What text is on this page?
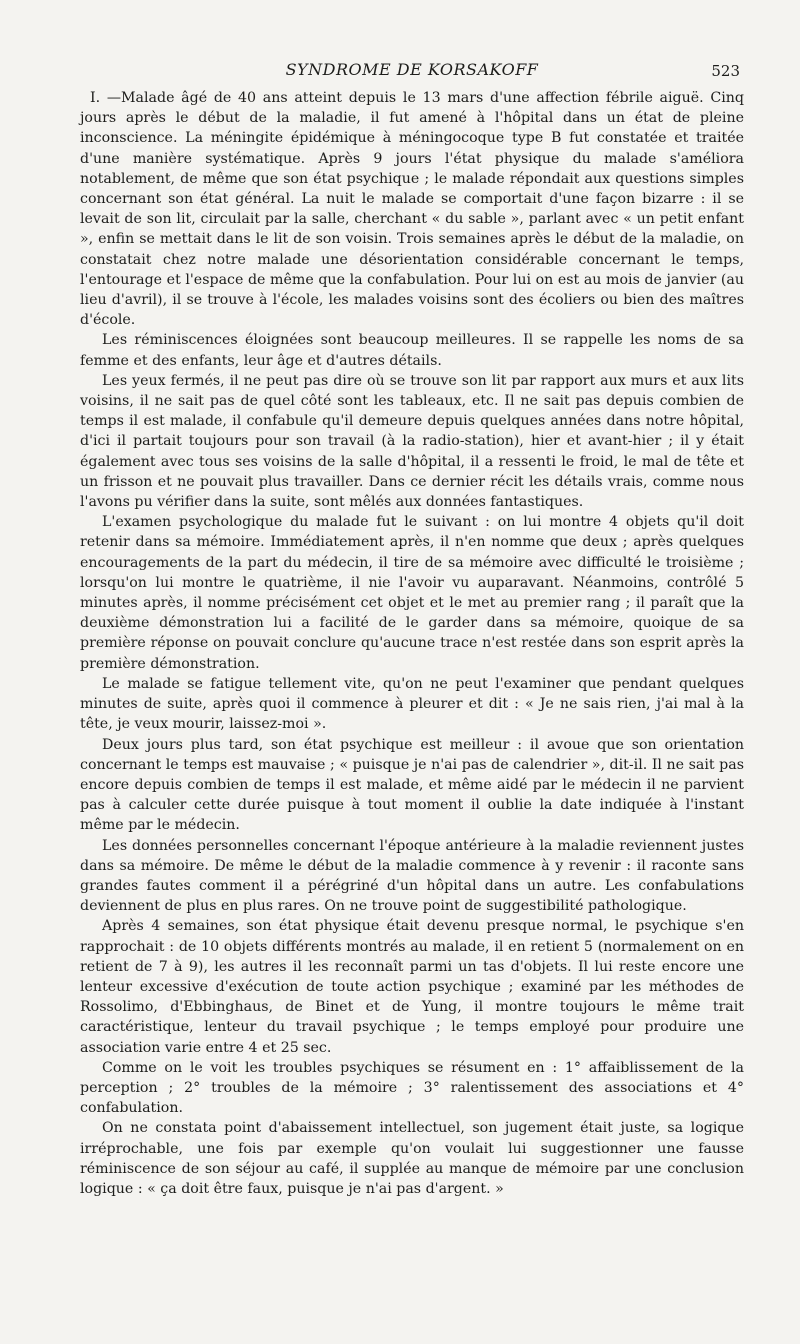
SYNDROME DE KORSAKOFF	523

I. —Malade âgé de 40 ans atteint depuis le 13 mars d'une affection fébrile aiguë. Cinq jours après le début de la maladie, il fut amené à l'hôpital dans un état de pleine inconscience. La méningite épidémique à méningocoque type B fut constatée et traitée d'une manière systématique. Après 9 jours l'état physique du malade s'améliora notablement, de même que son état psychique ; le malade répondait aux questions simples concernant son état général. La nuit le malade se comportait d'une façon bizarre : il se levait de son lit, circulait par la salle, cherchant « du sable », parlant avec « un petit enfant », enfin se mettait dans le lit de son voisin. Trois semaines après le début de la maladie, on constatait chez notre malade une désorientation considérable concernant le temps, l'entourage et l'espace de même que la confabulation. Pour lui on est au mois de janvier (au lieu d'avril), il se trouve à l'école, les malades voisins sont des écoliers ou bien des maîtres d'école.

Les réminiscences éloignées sont beaucoup meilleures. Il se rappelle les noms de sa femme et des enfants, leur âge et d'autres détails.

Les yeux fermés, il ne peut pas dire où se trouve son lit par rapport aux murs et aux lits voisins, il ne sait pas de quel côté sont les tableaux, etc. Il ne sait pas depuis combien de temps il est malade, il confabule qu'il demeure depuis quelques années dans notre hôpital, d'ici il partait toujours pour son travail (à la radio-station), hier et avant-hier ; il y était également avec tous ses voisins de la salle d'hôpital, il a ressenti le froid, le mal de tête et un frisson et ne pouvait plus travailler. Dans ce dernier récit les détails vrais, comme nous l'avons pu vérifier dans la suite, sont mêlés aux données fantastiques.

L'examen psychologique du malade fut le suivant : on lui montre 4 objets qu'il doit retenir dans sa mémoire. Immédiatement après, il n'en nomme que deux ; après quelques encouragements de la part du médecin, il tire de sa mémoire avec difficulté le troisième ; lorsqu'on lui montre le quatrième, il nie l'avoir vu auparavant. Néanmoins, contrôlé 5 minutes après, il nomme précisément cet objet et le met au premier rang ; il paraît que la deuxième démonstration lui a facilité de le garder dans sa mémoire, quoique de sa première réponse on pouvait conclure qu'aucune trace n'est restée dans son esprit après la première démonstration.

Le malade se fatigue tellement vite, qu'on ne peut l'examiner que pendant quelques minutes de suite, après quoi il commence à pleurer et dit : « Je ne sais rien, j'ai mal à la tête, je veux mourir, laissez-moi ».

Deux jours plus tard, son état psychique est meilleur : il avoue que son orientation concernant le temps est mauvaise ; « puisque je n'ai pas de calendrier », dit-il. Il ne sait pas encore depuis combien de temps il est malade, et même aidé par le médecin il ne parvient pas à calculer cette durée puisque à tout moment il oublie la date indiquée à l'instant même par le médecin.

Les données personnelles concernant l'époque antérieure à la maladie reviennent justes dans sa mémoire. De même le début de la maladie commence à y revenir : il raconte sans grandes fautes comment il a pérégriné d'un hôpital dans un autre. Les confabulations deviennent de plus en plus rares. On ne trouve point de suggestibilité pathologique.

Après 4 semaines, son état physique était devenu presque normal, le psychique s'en rapprochait : de 10 objets différents montrés au malade, il en retient 5 (normalement on en retient de 7 à 9), les autres il les reconnaît parmi un tas d'objets. Il lui reste encore une lenteur excessive d'exécution de toute action psychique ; examiné par les méthodes de Rossolimo, d'Ebbinghaus, de Binet et de Yung, il montre toujours le même trait caractéristique, lenteur du travail psychique ; le temps employé pour produire une association varie entre 4 et 25 sec.

Comme on le voit les troubles psychiques se résument en : 1° affaiblissement de la perception ; 2° troubles de la mémoire ; 3° ralentissement des associations et 4° confabulation.

On ne constata point d'abaissement intellectuel, son jugement était juste, sa logique irréprochable, une fois par exemple qu'on voulait lui suggestionner une fausse réminiscence de son séjour au café, il supplée au manque de mémoire par une conclusion logique : « ça doit être faux, puisque je n'ai pas d'argent. »
